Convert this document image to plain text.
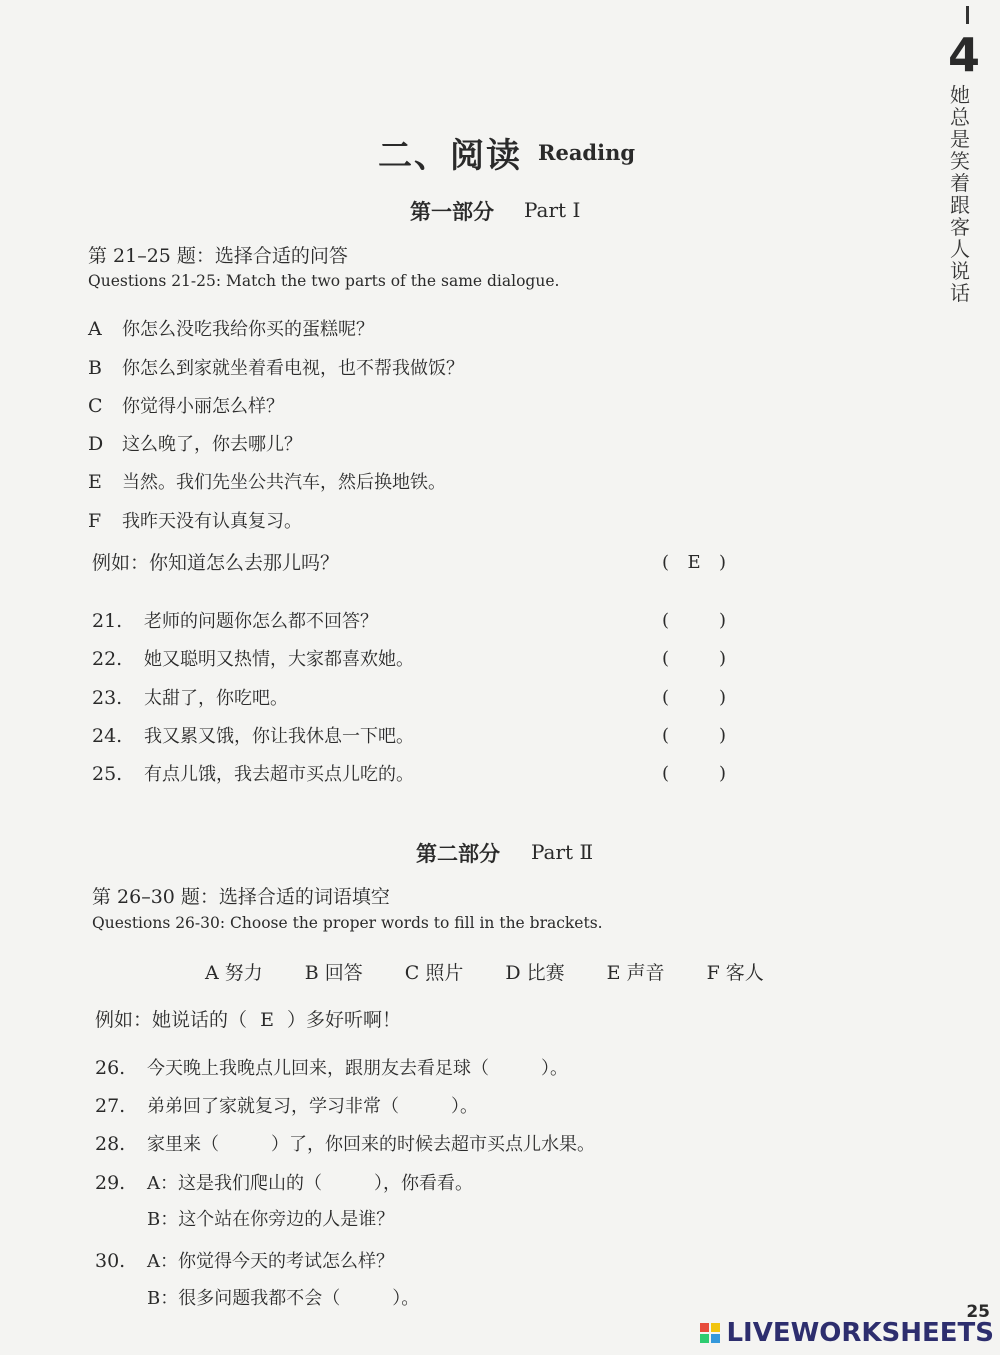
4
她总是笑着跟客人说话
二、阅读 Reading
第一部分 Part Ⅰ
第 21–25 题：选择合适的问答
Questions 21-25: Match the two parts of the same dialogue.
A 你怎么没吃我给你买的蛋糕呢？
B 你怎么到家就坐着看电视，也不帮我做饭？
C 你觉得小丽怎么样？
D 这么晚了，你去哪儿？
E 当然。我们先坐公共汽车，然后换地铁。
F 我昨天没有认真复习。
例如：你知道怎么去那儿吗？	( E )
21. 老师的问题你怎么都不回答？	(	)
22. 她又聪明又热情，大家都喜欢她。	(	)
23. 太甜了，你吃吧。	(	)
24. 我又累又饿，你让我休息一下吧。	(	)
25. 有点儿饿，我去超市买点儿吃的。	(	)
第二部分 Part Ⅱ
第 26–30 题：选择合适的词语填空
Questions 26-30: Choose the proper words to fill in the brackets.
A 努力 B 回答 C 照片 D 比赛 E 声音 F 客人
例如：她说话的（ E ）多好听啊！
26. 今天晚上我晚点儿回来，跟朋友去看足球（	）。
27. 弟弟回了家就复习，学习非常（	）。
28. 家里来（	）了，你回来的时候去超市买点儿水果。
29. A：这是我们爬山的（	），你看看。
B：这个站在你旁边的人是谁？
30. A：你觉得今天的考试怎么样？
B：很多问题我都不会（	）。
25
LIVEWORKSHEETS
